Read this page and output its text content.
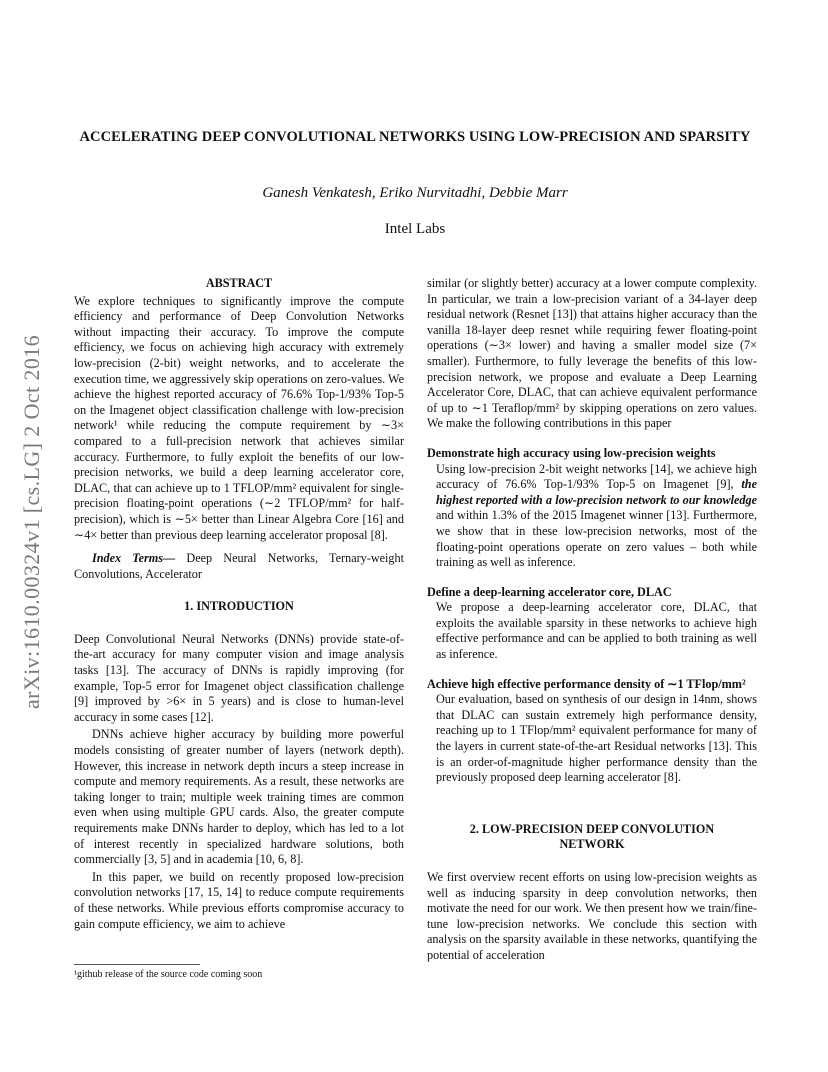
arXiv:1610.00324v1 [cs.LG] 2 Oct 2016
ACCELERATING DEEP CONVOLUTIONAL NETWORKS USING LOW-PRECISION AND SPARSITY
Ganesh Venkatesh, Eriko Nurvitadhi, Debbie Marr
Intel Labs
ABSTRACT

We explore techniques to significantly improve the compute efficiency and performance of Deep Convolution Networks without impacting their accuracy. To improve the compute efficiency, we focus on achieving high accuracy with extremely low-precision (2-bit) weight networks, and to accelerate the execution time, we aggressively skip operations on zero-values. We achieve the highest reported accuracy of 76.6% Top-1/93% Top-5 on the Imagenet object classification challenge with low-precision network¹ while reducing the compute requirement by ∼3× compared to a full-precision network that achieves similar accuracy. Furthermore, to fully exploit the benefits of our low-precision networks, we build a deep learning accelerator core, DLAC, that can achieve up to 1 TFLOP/mm² equivalent for single-precision floating-point operations (∼2 TFLOP/mm² for half-precision), which is ∼5× better than Linear Algebra Core [16] and ∼4× better than previous deep learning accelerator proposal [8].

Index Terms— Deep Neural Networks, Ternary-weight Convolutions, Accelerator

1. INTRODUCTION

Deep Convolutional Neural Networks (DNNs) provide state-of-the-art accuracy for many computer vision and image analysis tasks [13]. The accuracy of DNNs is rapidly improving (for example, Top-5 error for Imagenet object classification challenge [9] improved by >6× in 5 years) and is close to human-level accuracy in some cases [12].

DNNs achieve higher accuracy by building more powerful models consisting of greater number of layers (network depth). However, this increase in network depth incurs a steep increase in compute and memory requirements. As a result, these networks are taking longer to train; multiple week training times are common even when using multiple GPU cards. Also, the greater compute requirements make DNNs harder to deploy, which has led to a lot of interest recently in specialized hardware solutions, both commercially [3, 5] and in academia [10, 6, 8].

In this paper, we build on recently proposed low-precision convolution networks [17, 15, 14] to reduce compute requirements of these networks. While previous efforts compromise accuracy to gain compute efficiency, we aim to achieve

similar (or slightly better) accuracy at a lower compute complexity. In particular, we train a low-precision variant of a 34-layer deep residual network (Resnet [13]) that attains higher accuracy than the vanilla 18-layer deep resnet while requiring fewer floating-point operations (∼3× lower) and having a smaller model size (7× smaller). Furthermore, to fully leverage the benefits of this low-precision network, we propose and evaluate a Deep Learning Accelerator Core, DLAC, that can achieve equivalent performance of up to ∼1 Teraflop/mm² by skipping operations on zero values. We make the following contributions in this paper

Demonstrate high accuracy using low-precision weights
Using low-precision 2-bit weight networks [14], we achieve high accuracy of 76.6% Top-1/93% Top-5 on Imagenet [9], the highest reported with a low-precision network to our knowledge and within 1.3% of the 2015 Imagenet winner [13]. Furthermore, we show that in these low-precision networks, most of the floating-point operations operate on zero values – both while training as well as inference.
Define a deep-learning accelerator core, DLAC
We propose a deep-learning accelerator core, DLAC, that exploits the available sparsity in these networks to achieve high effective performance and can be applied to both training as well as inference.
Achieve high effective performance density of ∼1 TFlop/mm²
Our evaluation, based on synthesis of our design in 14nm, shows that DLAC can sustain extremely high performance density, reaching up to 1 TFlop/mm² equivalent performance for many of the layers in current state-of-the-art Residual networks [13]. This is an order-of-magnitude higher performance density than the previously proposed deep learning accelerator [8].
2. LOW-PRECISION DEEP CONVOLUTION
NETWORK

We first overview recent efforts on using low-precision weights as well as inducing sparsity in deep convolution networks, then motivate the need for our work. We then present how we train/fine-tune low-precision networks. We conclude this section with analysis on the sparsity available in these networks, quantifying the potential of acceleration

¹github release of the source code coming soon
